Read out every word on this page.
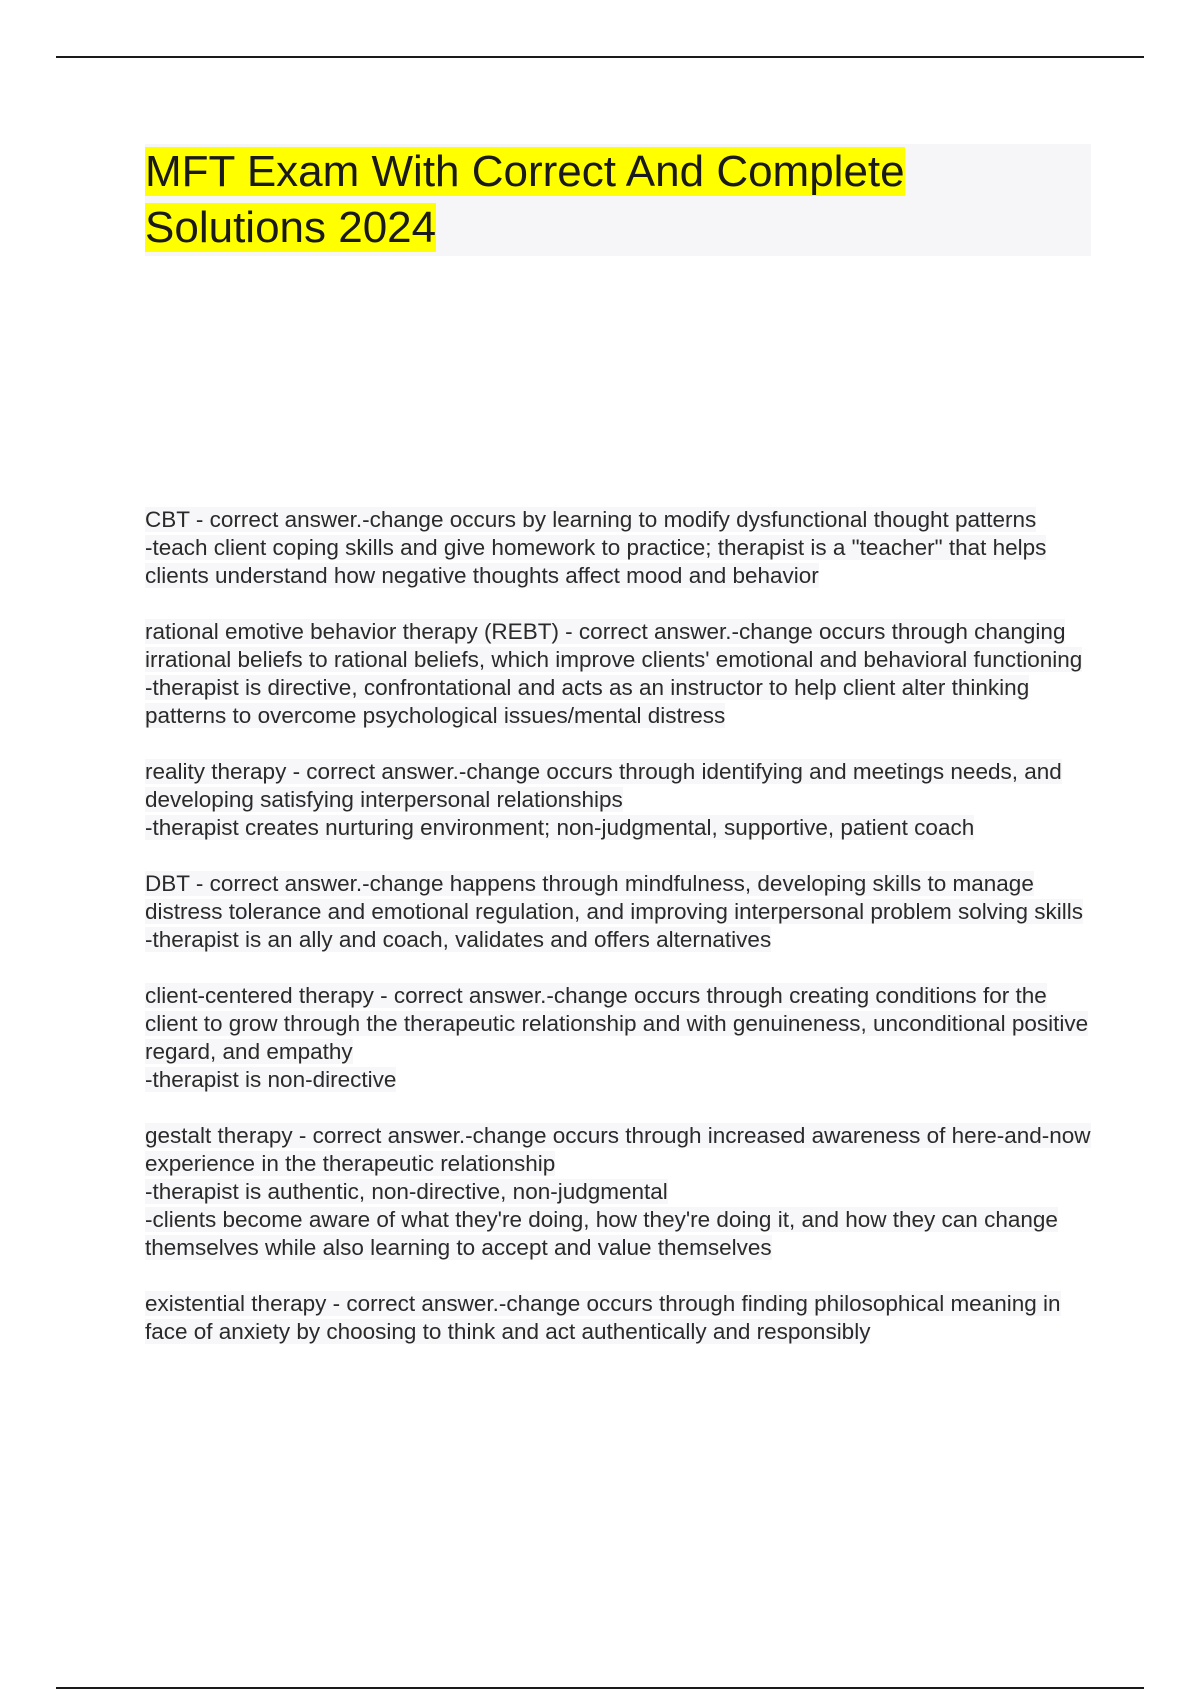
MFT Exam With Correct And Complete
Solutions 2024

CBT - correct answer.-change occurs by learning to modify dysfunctional thought patterns

-teach client coping skills and give homework to practice; therapist is a "teacher" that helps clients understand how negative thoughts affect mood and behavior

rational emotive behavior therapy (REBT) - correct answer.-change occurs through changing irrational beliefs to rational beliefs, which improve clients' emotional and behavioral functioning

-therapist is directive, confrontational and acts as an instructor to help client alter thinking patterns to overcome psychological issues/mental distress

reality therapy - correct answer.-change occurs through identifying and meetings needs, and developing satisfying interpersonal relationships

-therapist creates nurturing environment; non-judgmental, supportive, patient coach

DBT - correct answer.-change happens through mindfulness, developing skills to manage distress tolerance and emotional regulation, and improving interpersonal problem solving skills

-therapist is an ally and coach, validates and offers alternatives

client-centered therapy - correct answer.-change occurs through creating conditions for the client to grow through the therapeutic relationship and with genuineness, unconditional positive regard, and empathy

-therapist is non-directive

gestalt therapy - correct answer.-change occurs through increased awareness of here-and-now experience in the therapeutic relationship

-therapist is authentic, non-directive, non-judgmental

-clients become aware of what they're doing, how they're doing it, and how they can change themselves while also learning to accept and value themselves

existential therapy - correct answer.-change occurs through finding philosophical meaning in face of anxiety by choosing to think and act authentically and responsibly
